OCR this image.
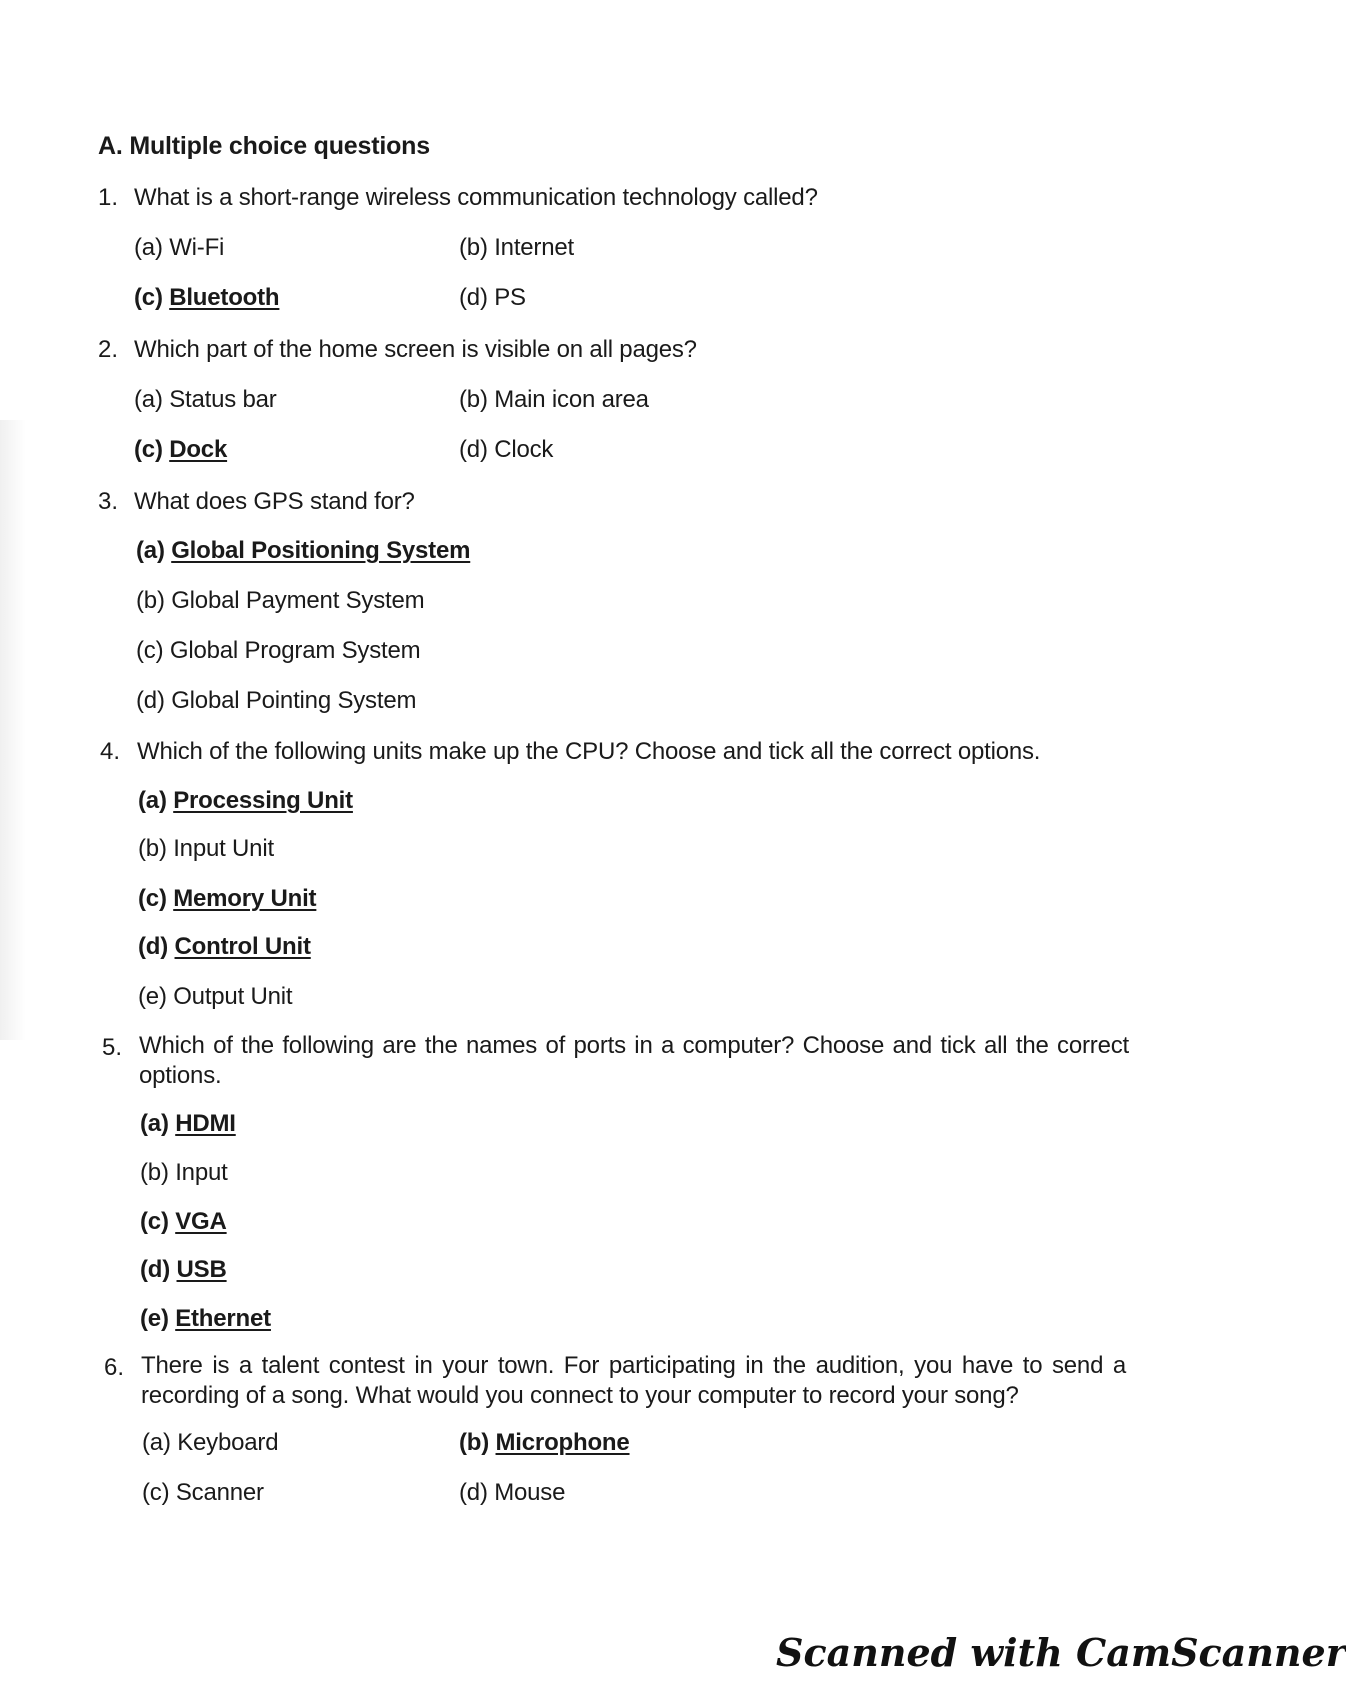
A. Multiple choice questions
1. What is a short-range wireless communication technology called?
(a) Wi-Fi	(b) Internet
(c) Bluetooth	(d) PS
2. Which part of the home screen is visible on all pages?
(a) Status bar	(b) Main icon area
(c) Dock	(d) Clock
3. What does GPS stand for?
(a) Global Positioning System
(b) Global Payment System
(c) Global Program System
(d) Global Pointing System
4. Which of the following units make up the CPU? Choose and tick all the correct options.
(a) Processing Unit
(b) Input Unit
(c) Memory Unit
(d) Control Unit
(e) Output Unit
5. Which of the following are the names of ports in a computer? Choose and tick all the correct options.
(a) HDMI
(b) Input
(c) VGA
(d) USB
(e) Ethernet
6. There is a talent contest in your town. For participating in the audition, you have to send a recording of a song. What would you connect to your computer to record your song?
(a) Keyboard	(b) Microphone
(c) Scanner	(d) Mouse
Scanned with CamScanner
